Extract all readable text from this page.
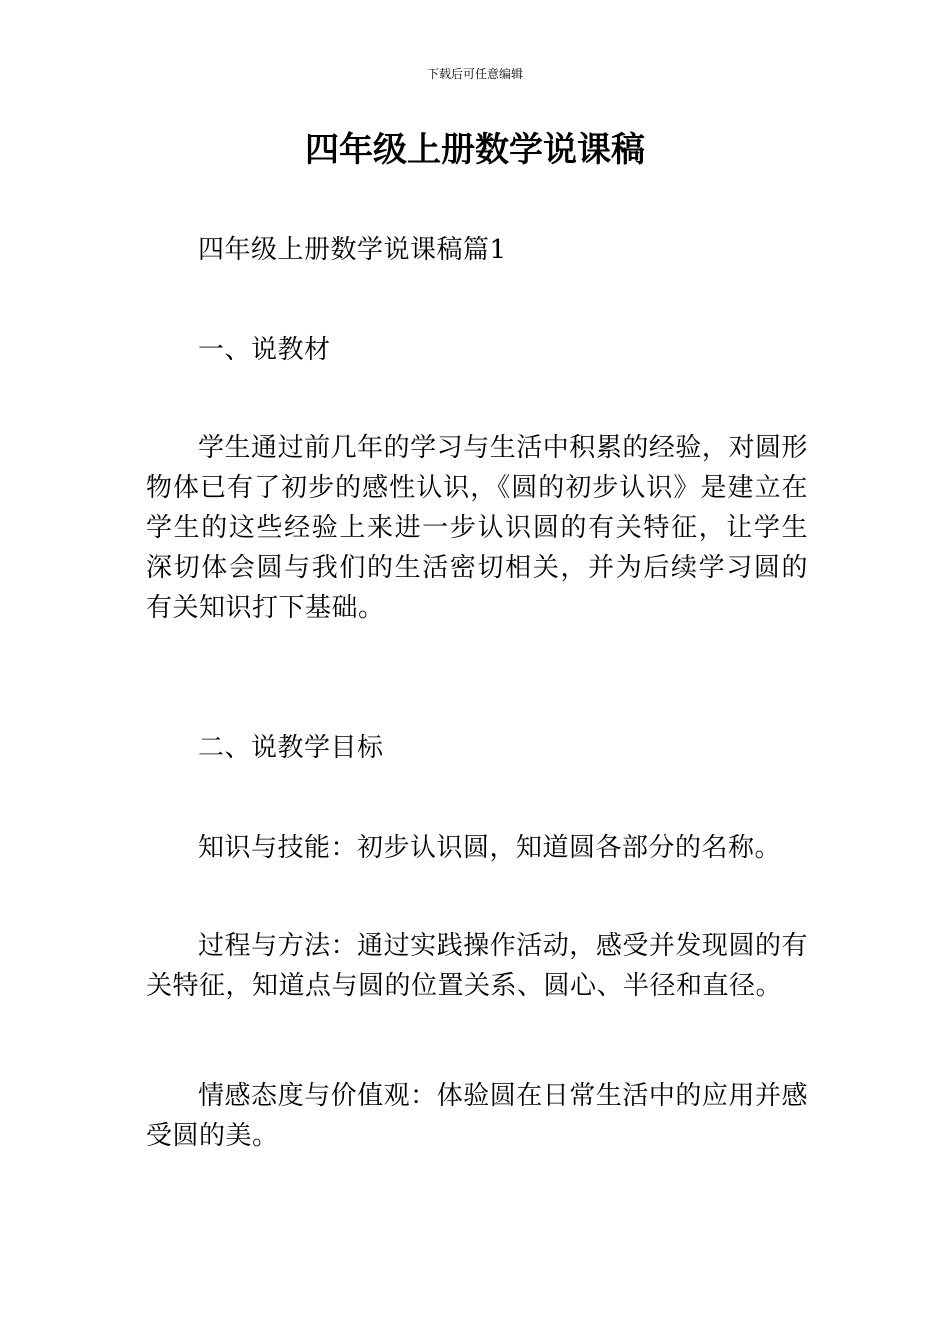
下载后可任意编辑
四年级上册数学说课稿

四年级上册数学说课稿篇1

一、说教材

学生通过前几年的学习与生活中积累的经验，对圆形物体已有了初步的感性认识，《圆的初步认识》是建立在学生的这些经验上来进一步认识圆的有关特征，让学生深切体会圆与我们的生活密切相关，并为后续学习圆的有关知识打下基础。

二、说教学目标

知识与技能：初步认识圆，知道圆各部分的名称。

过程与方法：通过实践操作活动，感受并发现圆的有关特征，知道点与圆的位置关系、圆心、半径和直径。

情感态度与价值观：体验圆在日常生活中的应用并感受圆的美。
